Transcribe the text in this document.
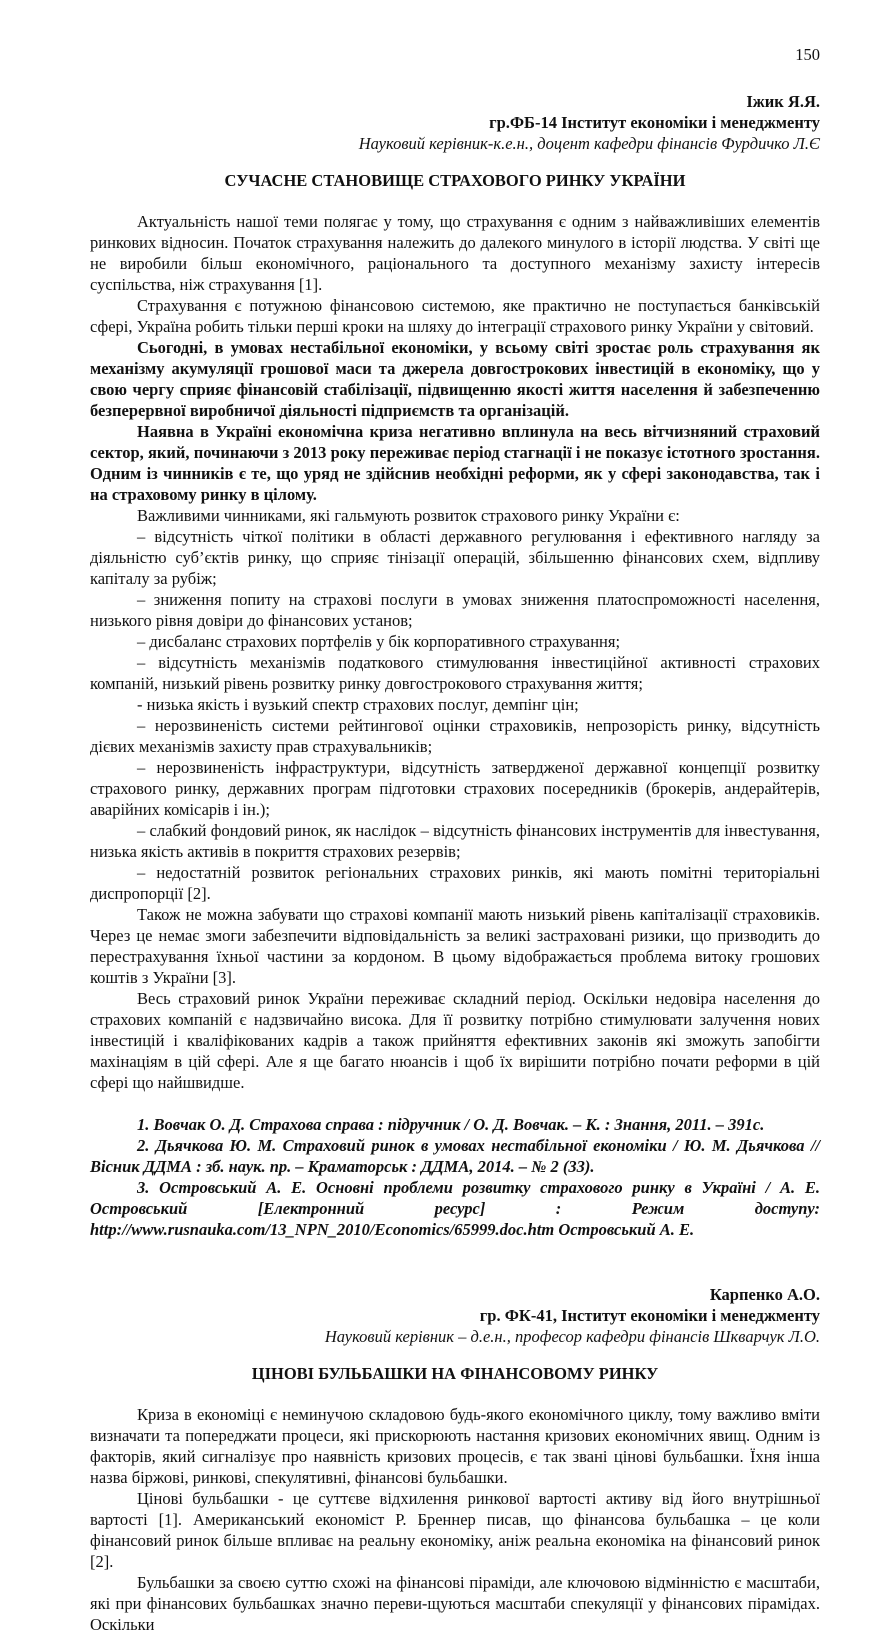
150
Іжик Я.Я.
гр.ФБ-14 Інститут економіки і менеджменту
Науковий керівник-к.е.н., доцент кафедри фінансів Фурдичко Л.Є
СУЧАСНЕ СТАНОВИЩЕ СТРАХОВОГО РИНКУ УКРАЇНИ

Актуальність нашої теми полягає у тому, що страхування є одним з найважливіших елементів ринкових відносин. Початок страхування належить до далекого минулого в історії людства. У світі ще не виробили більш економічного, раціонального та доступного механізму захисту інтересів суспільства, ніж страхування [1].

Страхування є потужною фінансовою системою, яке практично не поступається банківській сфері, Україна робить тільки перші кроки на шляху до інтеграції страхового ринку України у світовий.

Сьогодні, в умовах нестабільної економіки, у всьому світі зростає роль страхування як механізму акумуляції грошової маси та джерела довгострокових інвестицій в економіку, що у свою чергу сприяє фінансовій стабілізації, підвищенню якості життя населення й забезпеченню безперервної виробничої діяльності підприємств та організацій.

Наявна в Україні економічна криза негативно вплинула на весь вітчизняний страховий сектор, який, починаючи з 2013 року переживає період стагнації і не показує істотного зростання. Одним із чинників є те, що уряд не здійснив необхідні реформи, як у сфері законодавства, так і на страховому ринку в цілому.

Важливими чинниками, які гальмують розвиток страхового ринку України є:

– відсутність чіткої політики в області державного регулювання і ефективного нагляду за діяльністю суб’єктів ринку, що сприяє тінізації операцій, збільшенню фінансових схем, відпливу капіталу за рубіж;

– зниження попиту на страхові послуги в умовах зниження платоспроможності населення, низького рівня довіри до фінансових установ;

– дисбаланс страхових портфелів у бік корпоративного страхування;

– відсутність механізмів податкового стимулювання інвестиційної активності страхових компаній, низький рівень розвитку ринку довгострокового страхування життя;

- низька якість і вузький спектр страхових послуг, демпінг цін;

– нерозвиненість системи рейтингової оцінки страховиків, непрозорість ринку, відсутність дієвих механізмів захисту прав страхувальників;

– нерозвиненість інфраструктури, відсутність затвердженої державної концепції розвитку страхового ринку, державних програм підготовки страхових посередників (брокерів, андерайтерів, аварійних комісарів і ін.);

– слабкий фондовий ринок, як наслідок – відсутність фінансових інструментів для інвестування, низька якість активів в покриття страхових резервів;

– недостатній розвиток регіональних страхових ринків, які мають помітні територіальні диспропорції [2].

Також не можна забувати що страхові компанії мають низький рівень капіталізації страховиків. Через це немає змоги забезпечити відповідальність за великі застраховані ризики, що призводить до перестрахування їхньої частини за кордоном. В цьому відображається проблема витоку грошових коштів з України [3].

Весь страховий ринок України переживає складний період. Оскільки недовіра населення до страхових компаній є надзвичайно висока. Для її розвитку потрібно стимулювати залучення нових інвестицій і кваліфікованих кадрів а також прийняття ефективних законів які зможуть запобігти махінаціям в цій сфері. Але я ще багато нюансів і щоб їх вирішити потрібно почати реформи в цій сфері що найшвидше.

1. Вовчак О. Д. Страхова справа : підручник / О. Д. Вовчак. – К. : Знання, 2011. – 391с.

2. Дьячкова Ю. М. Страховий ринок в умовах нестабільної економіки / Ю. М. Дьячкова // Вісник ДДМА : зб. наук. пр. – Краматорськ : ДДМА, 2014. – № 2 (33).

3. Островський А. Е. Основні проблеми розвитку страхового ринку в Україні / А. Е. Островський [Електронний ресурс] : Режим доступу: http://www.rusnauka.com/13_NPN_2010/Economics/65999.doc.htm Островський А. Е.

Карпенко А.О.
гр. ФК-41, Інститут економіки і менеджменту
Науковий керівник – д.е.н., професор кафедри фінансів Шкварчук Л.О.
ЦІНОВІ БУЛЬБАШКИ НА ФІНАНСОВОМУ РИНКУ

Криза в економіці є неминучою складовою будь-якого економічного циклу, тому важливо вміти визначати та попереджати процеси, які прискорюють настання кризових економічних явищ. Одним із факторів, який сигналізує про наявність кризових процесів, є так звані цінові бульбашки. Їхня інша назва біржові, ринкові, спекулятивні, фінансові бульбашки.

Цінові бульбашки - це суттєве відхилення ринкової вартості активу від його внутрішньої вартості [1]. Американський економіст Р. Бреннер писав, що фінансова бульбашка – це коли фінансовий ринок більше впливає на реальну економіку, аніж реальна економіка на фінансовий ринок [2].

Бульбашки за своєю суттю схожі на фінансові піраміди, але ключовою відмінністю є масштаби, які при фінансових бульбашках значно переви-щуються масштаби спекуляції у фінансових пірамідах. Оскільки
